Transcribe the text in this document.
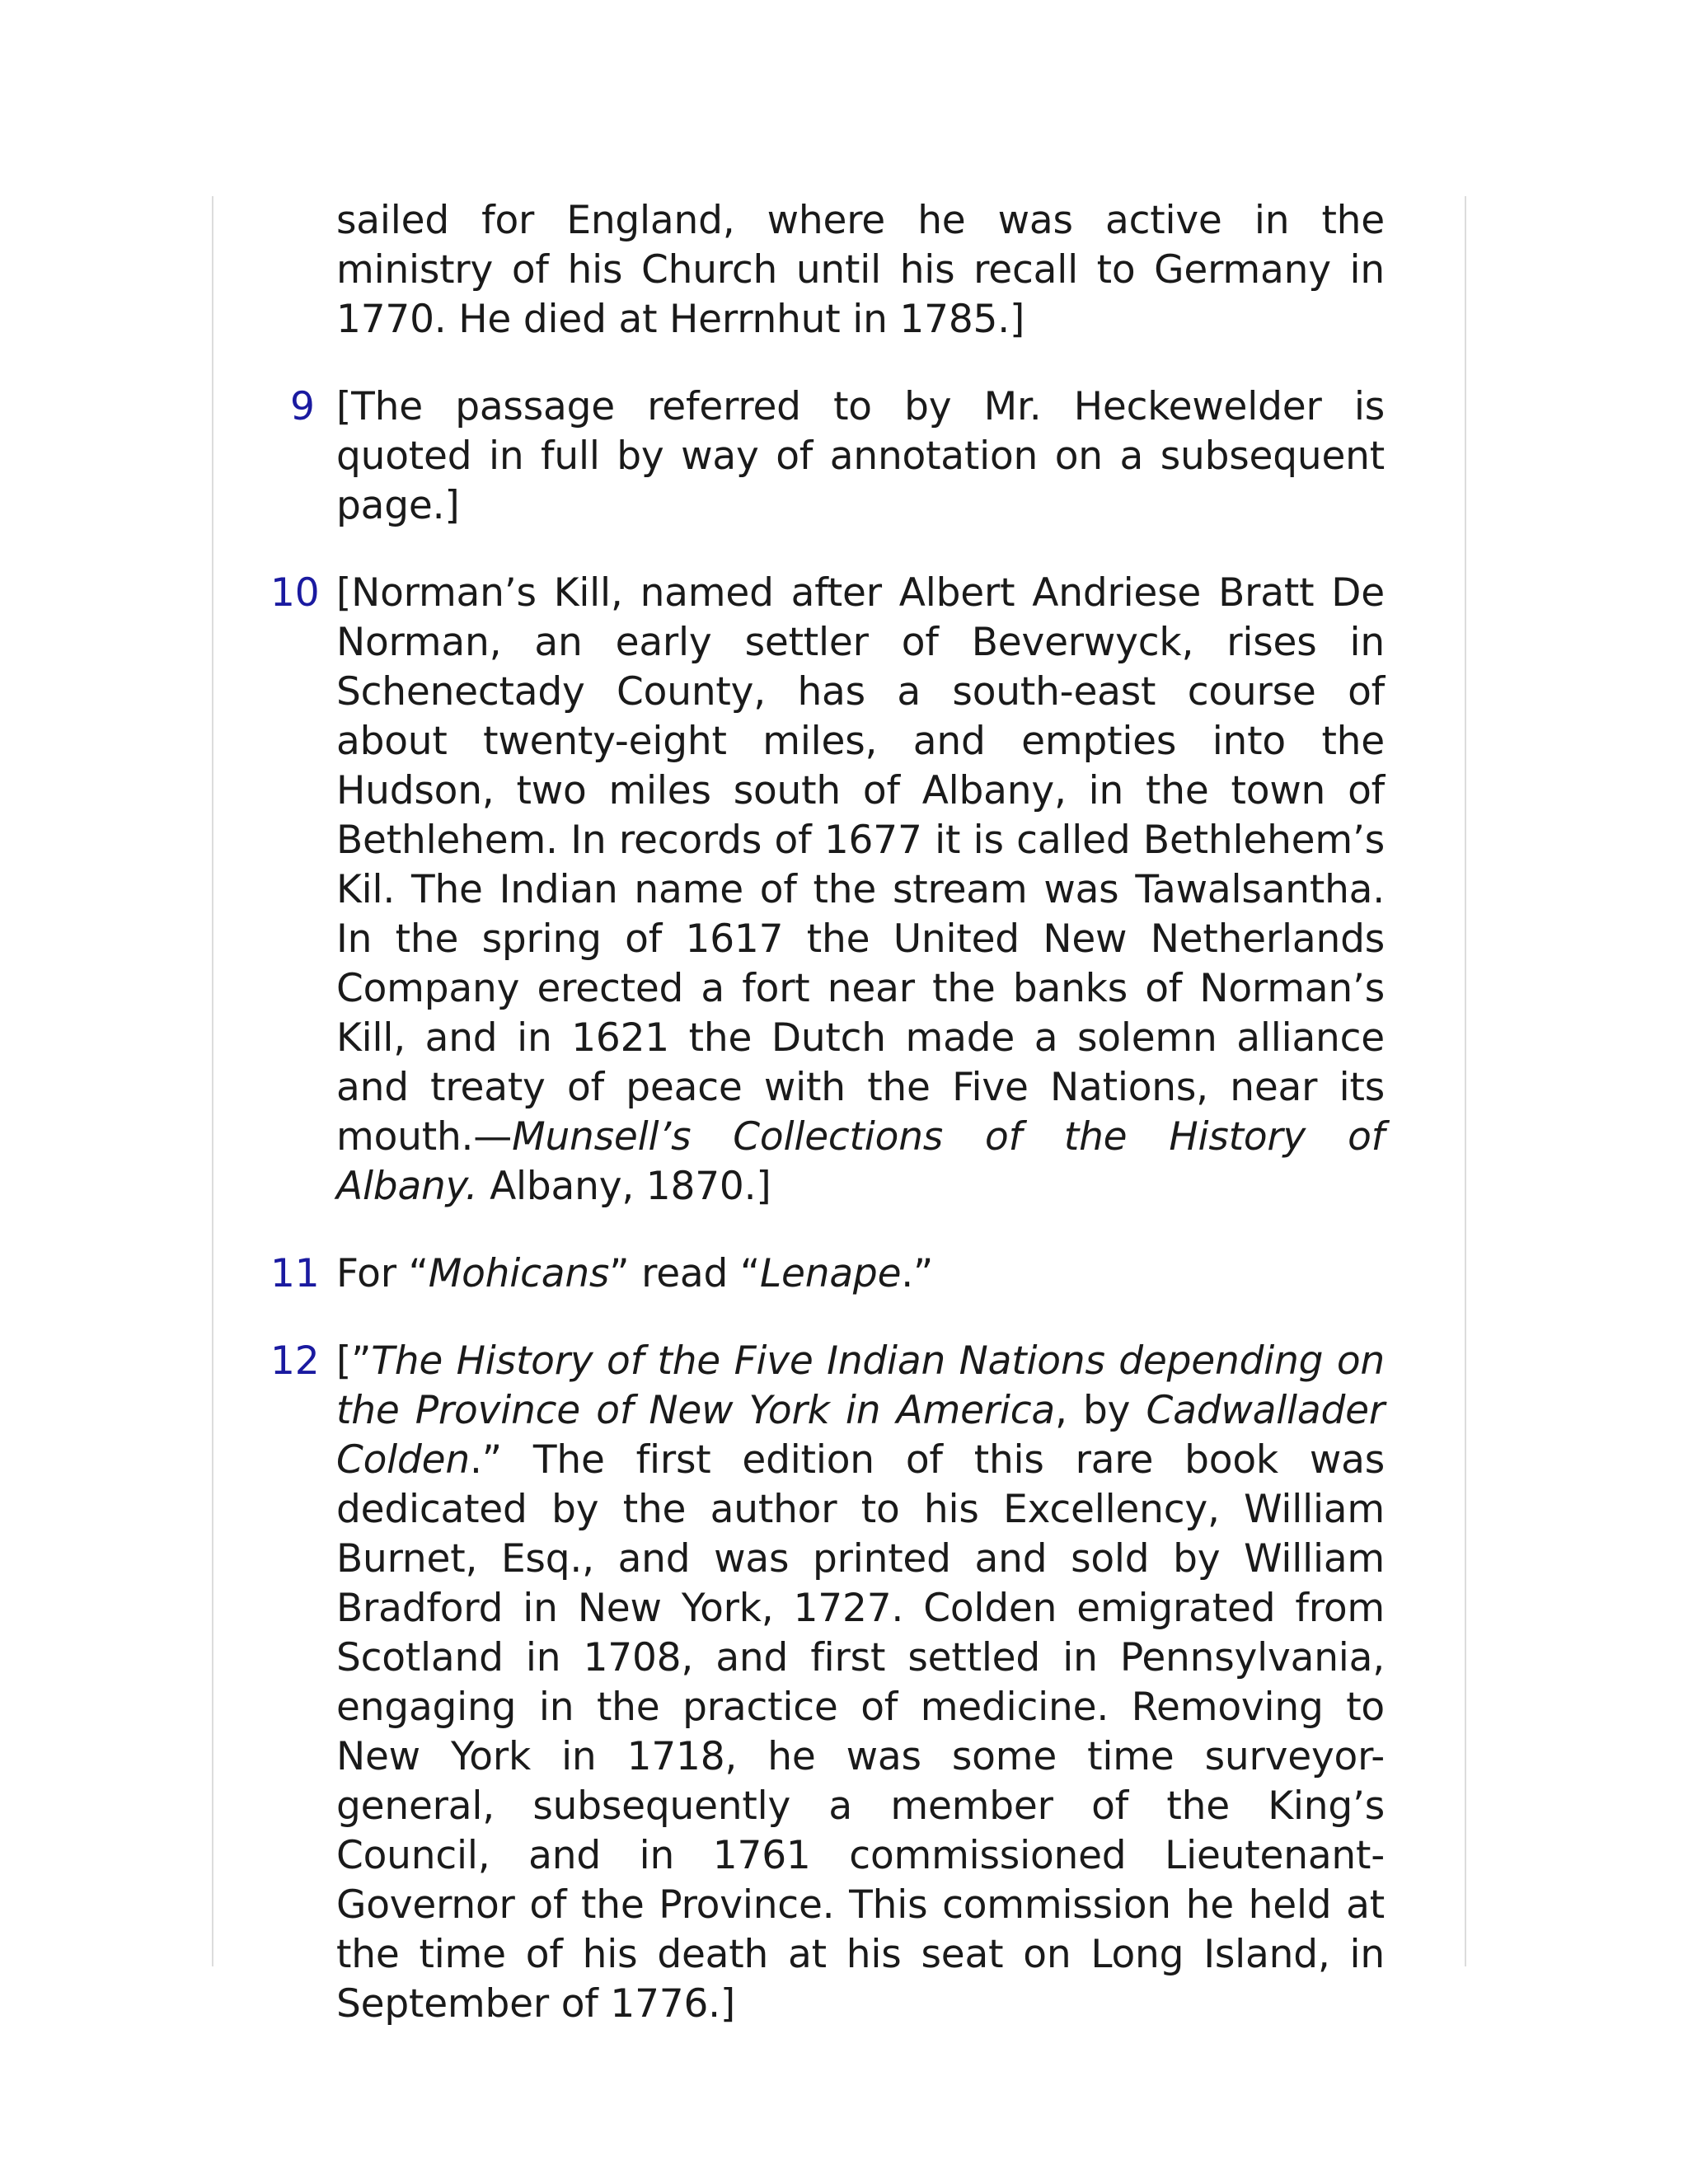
sailed for England, where he was active in the ministry of his Church until his recall to Germany in 1770. He died at Herrnhut in 1785.]
9 [The passage referred to by Mr. Heckewelder is quoted in full by way of annotation on a subsequent page.]
10 [Norman’s Kill, named after Albert Andriese Bratt De Norman, an early settler of Beverwyck, rises in Schenectady County, has a south-east course of about twenty-eight miles, and empties into the Hudson, two miles south of Albany, in the town of Bethlehem. In records of 1677 it is called Bethlehem’s Kil. The Indian name of the stream was Tawalsantha. In the spring of 1617 the United New Netherlands Company erected a fort near the banks of Norman’s Kill, and in 1621 the Dutch made a solemn alliance and treaty of peace with the Five Nations, near its mouth.—Munsell’s Collections of the History of Albany. Albany, 1870.]
11 For “Mohicans” read “Lenape.”
12 [”The History of the Five Indian Nations depending on the Province of New York in America, by Cadwallader Colden.” The first edition of this rare book was dedicated by the author to his Excellency, William Burnet, Esq., and was printed and sold by William Bradford in New York, 1727. Colden emigrated from Scotland in 1708, and first settled in Pennsylvania, engaging in the practice of medicine. Removing to New York in 1718, he was some time surveyor-general, subsequently a member of the King’s Council, and in 1761 commissioned Lieutenant-Governor of the Province. This commission he held at the time of his death at his seat on Long Island, in September of 1776.]
